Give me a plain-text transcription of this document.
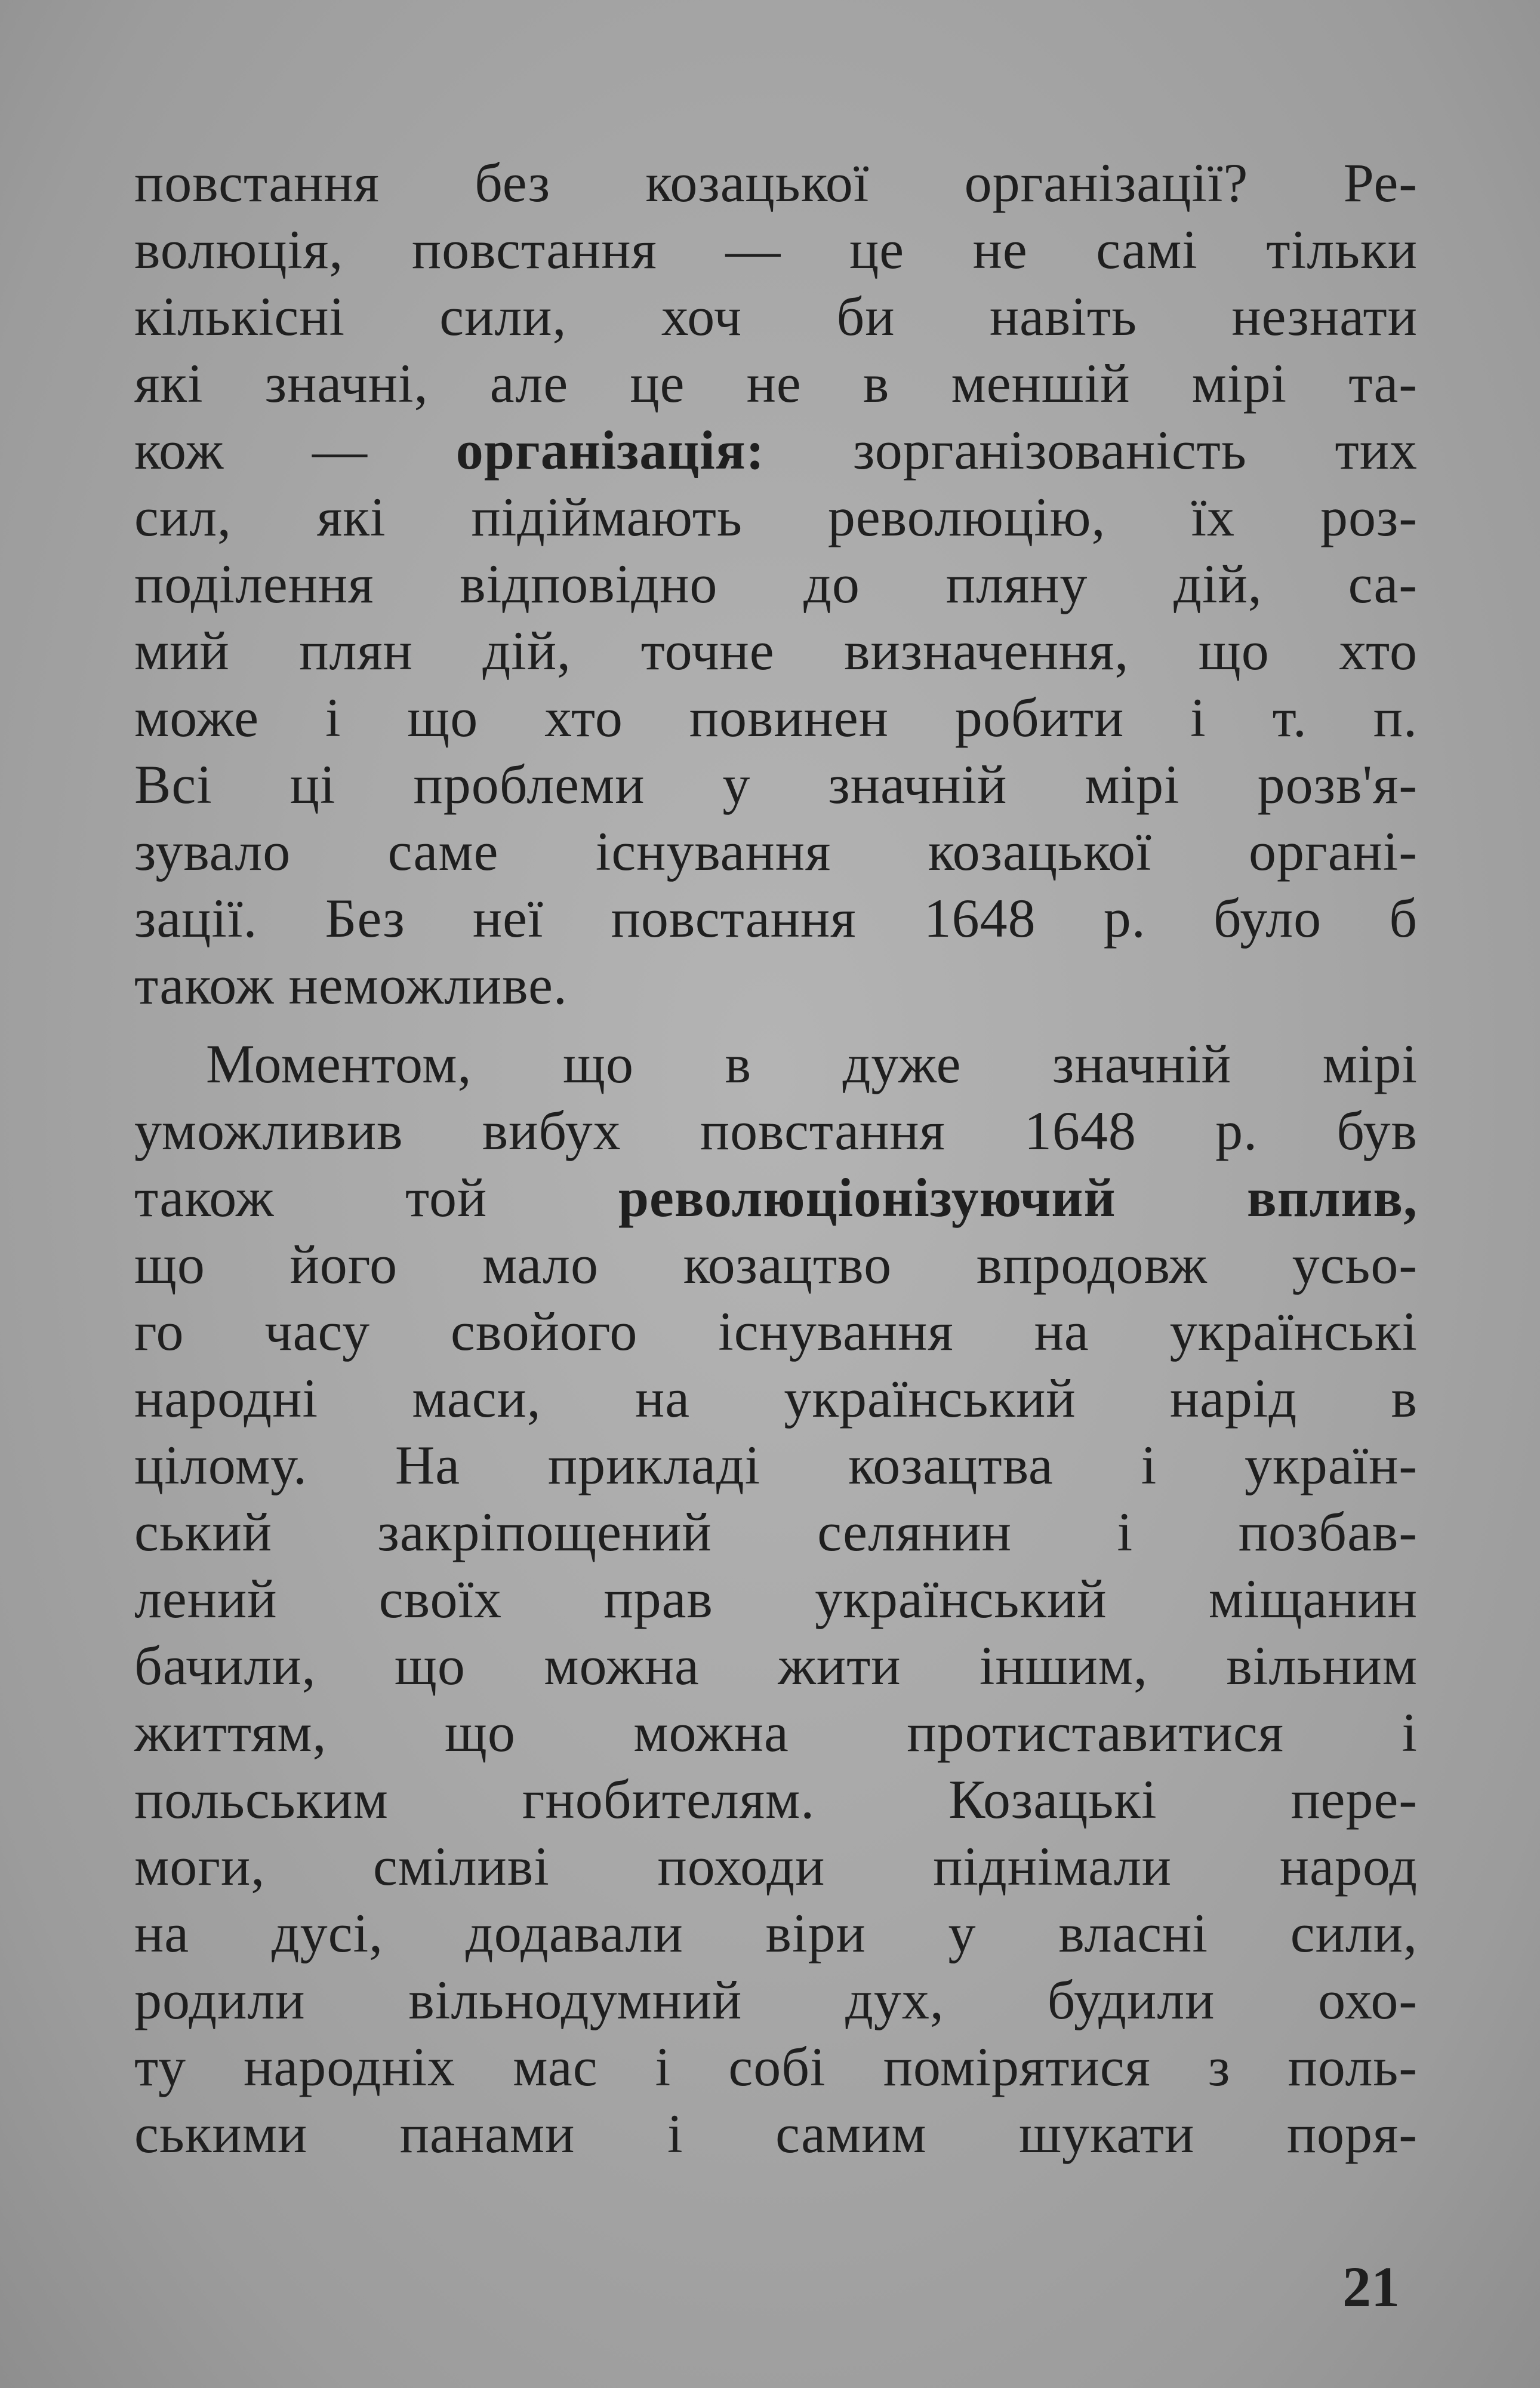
повстання без козацької організації? Ре-
волюція, повстання — це не самі тільки
кількісні сили, хоч би навіть незнати
які значні, але це не в меншій мірі та-
кож — організація: зорганізованість тих
сил, які підіймають революцію, їх роз-
поділення відповідно до пляну дій, са-
мий плян дій, точне визначення, що хто
може і що хто повинен робити і т. п.
Всі ці проблеми у значній мірі розв'я-
зувало саме існування козацької органі-
зації. Без неї повстання 1648 р. було б
також неможливе.
Моментом, що в дуже значній мірі
уможливив вибух повстання 1648 р. був
також той революціонізуючий вплив,
що його мало козацтво впродовж усьо-
го часу свойого існування на українські
народні маси, на український нарід в
цілому. На прикладі козацтва і україн-
ський закріпощений селянин і позбав-
лений своїх прав український міщанин
бачили, що можна жити іншим, вільним
життям, що можна протиставитися і
польським гнобителям. Козацькі пере-
моги, сміливі походи піднімали народ
на дусі, додавали віри у власні сили,
родили вільнодумний дух, будили охо-
ту народніх мас і собі помірятися з поль-
ськими панами і самим шукати поря-
21
